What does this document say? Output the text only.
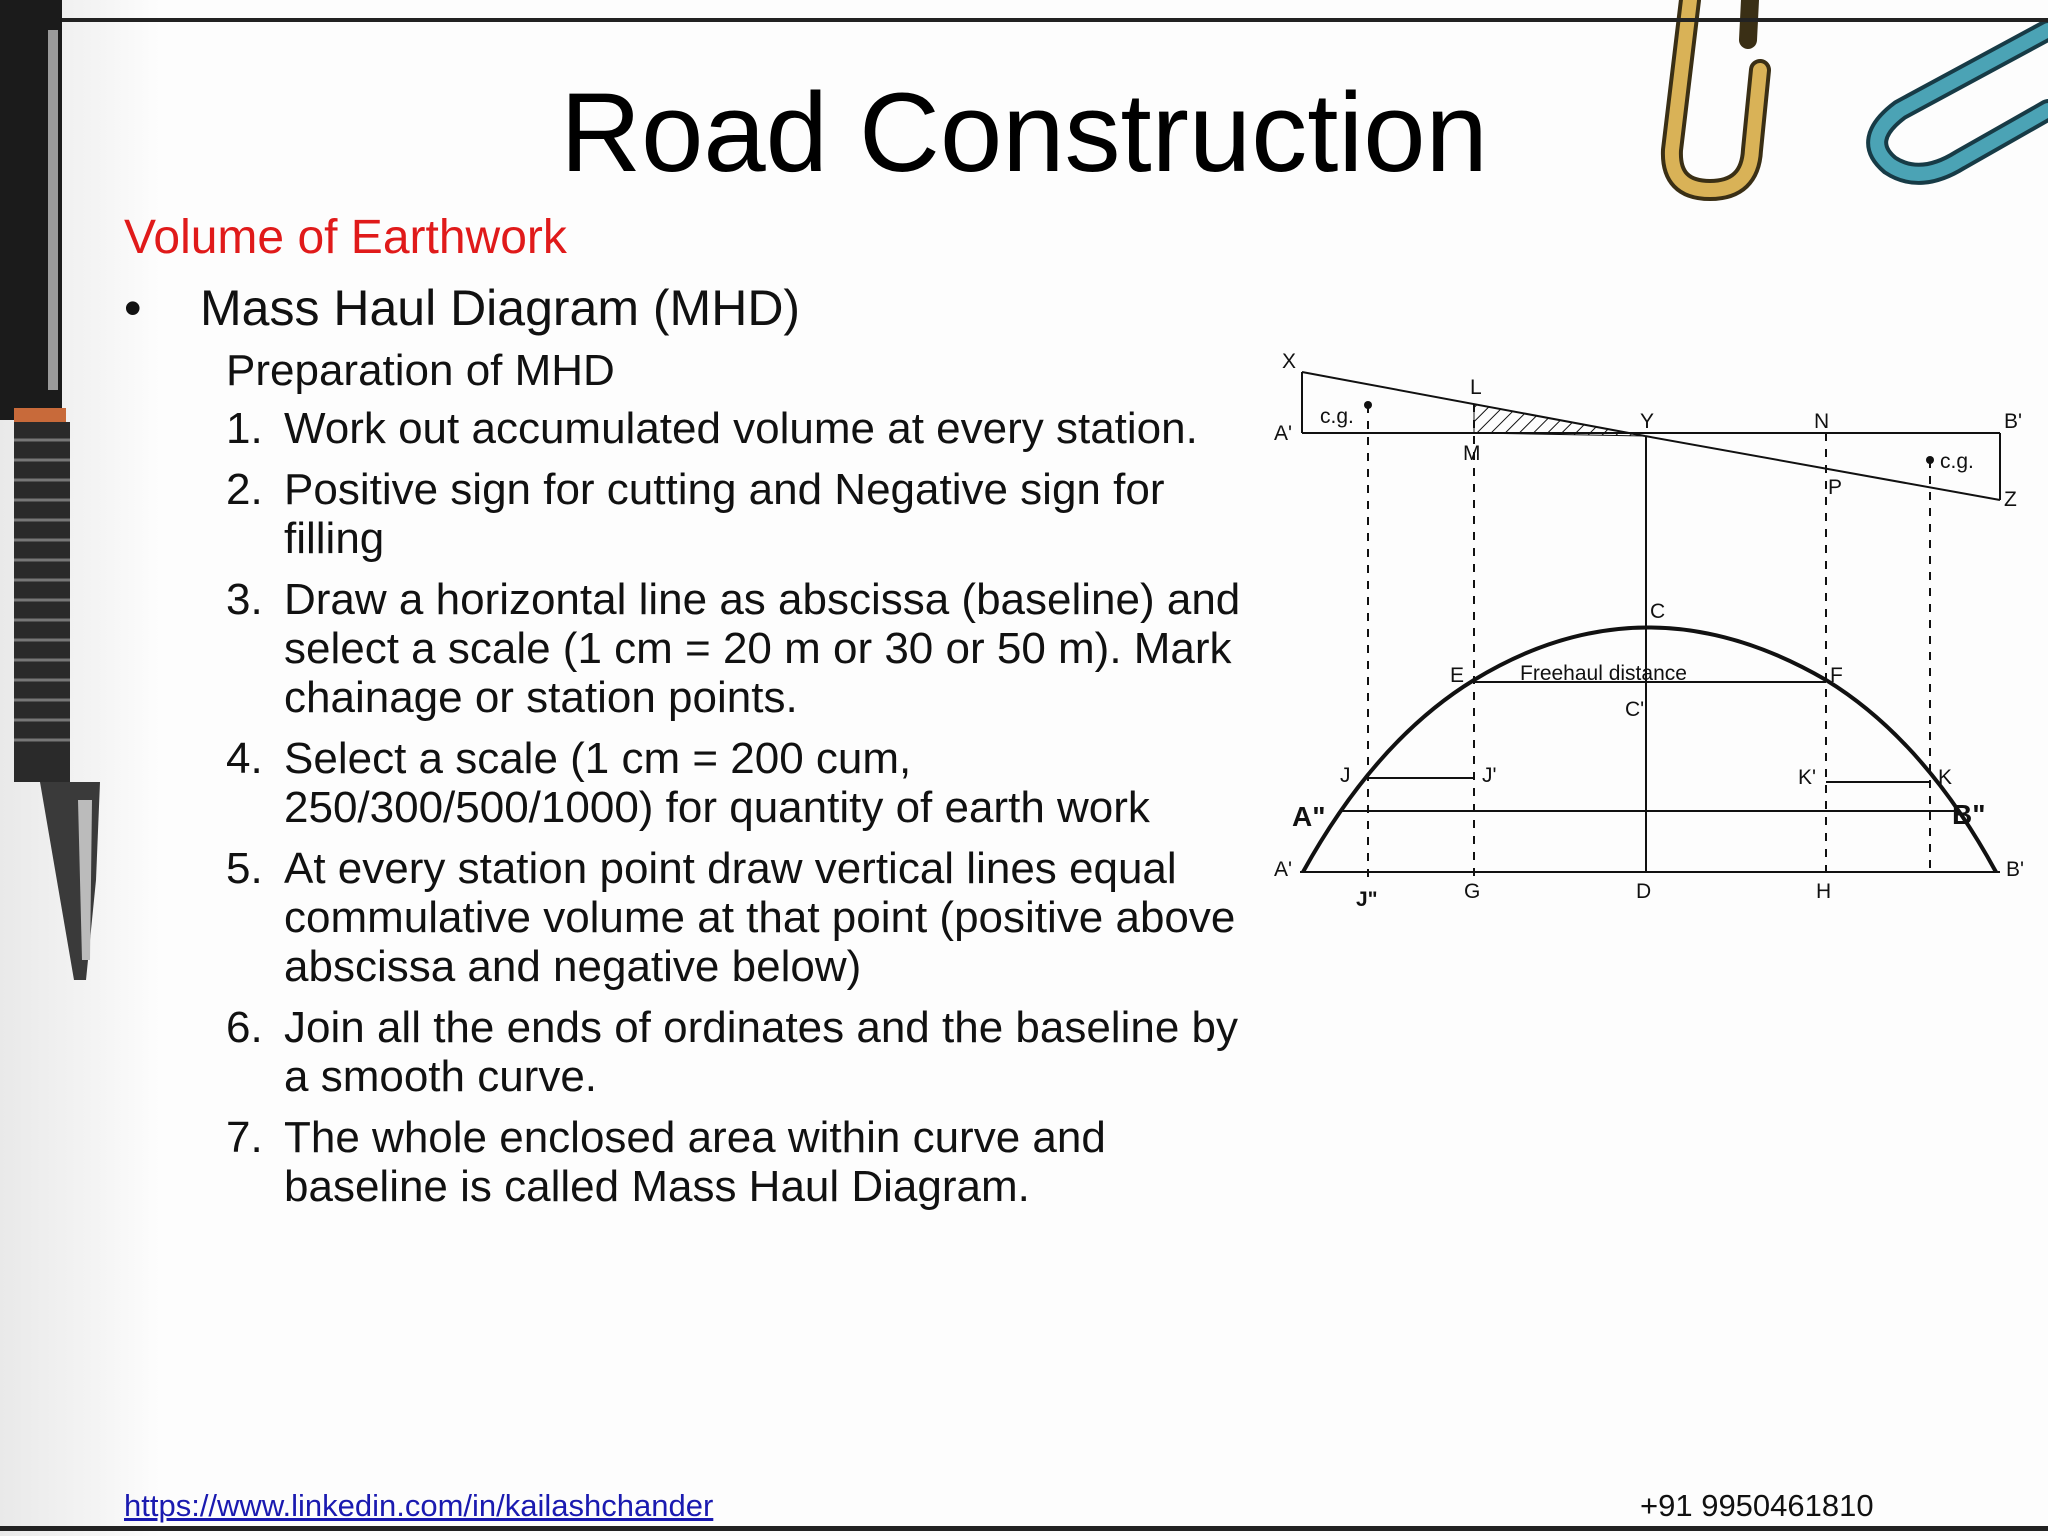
Road Construction
Volume of Earthwork
• Mass Haul Diagram (MHD)
Preparation of MHD
1. Work out accumulated volume at every station.
2. Positive sign for cutting and Negative sign for filling
3. Draw a horizontal line as abscissa (baseline) and select a scale (1 cm = 20 m or 30 or 50 m). Mark chainage or station points.
4. Select a scale (1 cm = 200 cum, 250/300/500/1000) for quantity of earth work
5. At every station point draw vertical lines equal commulative volume at that point (positive above abscissa and negative below)
6. Join all the ends of ordinates and the baseline by a smooth curve.
7. The whole enclosed area within curve and baseline is called Mass Haul Diagram.
X
A'
c.g.
L
M
Y	N	B'
c.g.
P
Z
C
E	F
Freehaul distance
C'
J	J'	K'	K
A"	B"
A'	B'
J"	G	D	H
https://www.linkedin.com/in/kailashchander	+91 9950461810
